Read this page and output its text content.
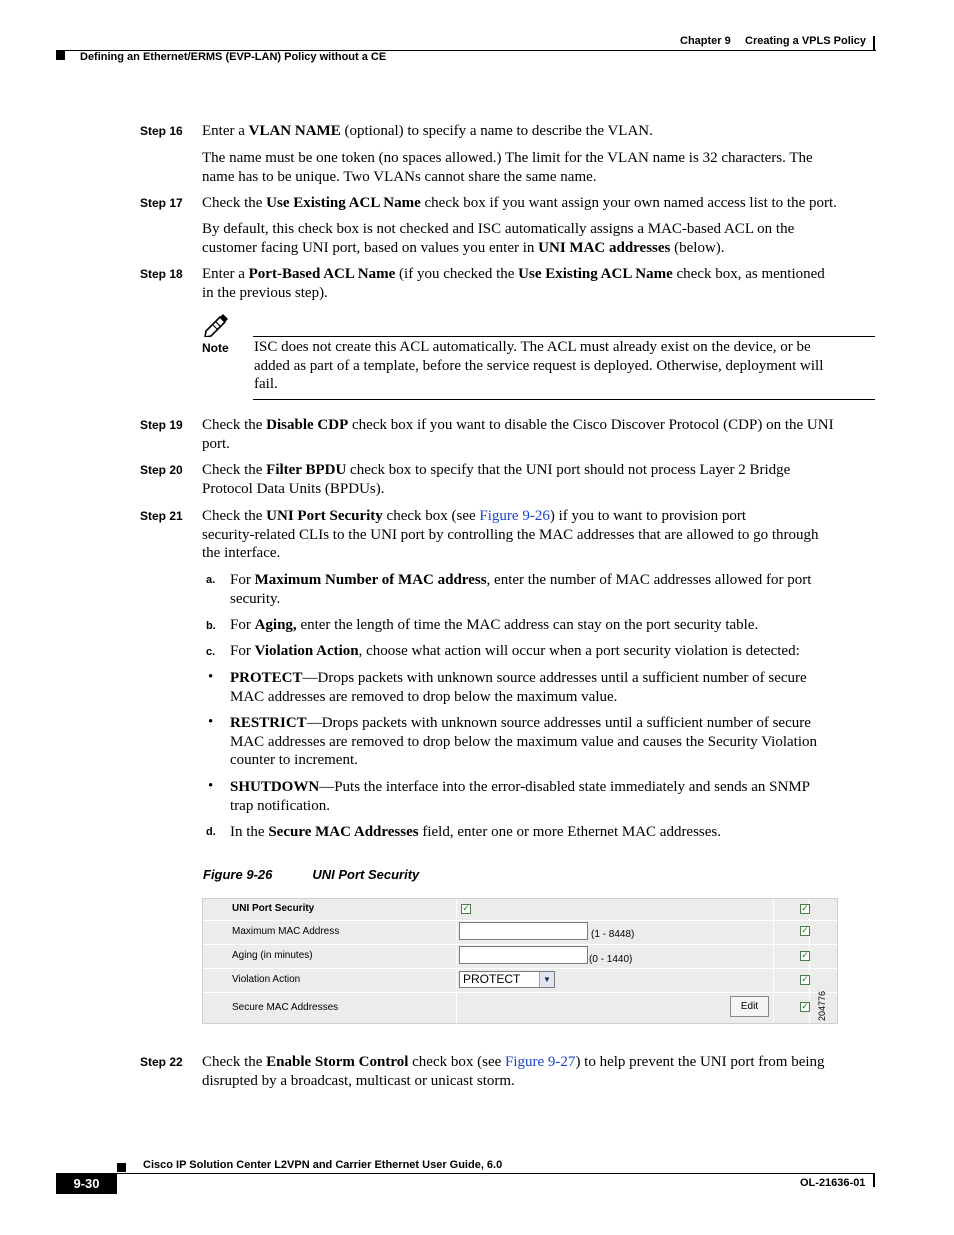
Chapter 9 Creating a VPLS Policy
Defining an Ethernet/ERMS (EVP-LAN) Policy without a CE
Step 16 Enter a VLAN NAME (optional) to specify a name to describe the VLAN.
The name must be one token (no spaces allowed.) The limit for the VLAN name is 32 characters. The
name has to be unique. Two VLANs cannot share the same name.
Step 17 Check the Use Existing ACL Name check box if you want assign your own named access list to the port.
By default, this check box is not checked and ISC automatically assigns a MAC-based ACL on the
customer facing UNI port, based on values you enter in UNI MAC addresses (below).
Step 18 Enter a Port-Based ACL Name (if you checked the Use Existing ACL Name check box, as mentioned
in the previous step).
Note ISC does not create this ACL automatically. The ACL must already exist on the device, or be
added as part of a template, before the service request is deployed. Otherwise, deployment will
fail.
Step 19 Check the Disable CDP check box if you want to disable the Cisco Discover Protocol (CDP) on the UNI
port.
Step 20 Check the Filter BPDU check box to specify that the UNI port should not process Layer 2 Bridge
Protocol Data Units (BPDUs).
Step 21 Check the UNI Port Security check box (see Figure 9-26) if you to want to provision port
security-related CLIs to the UNI port by controlling the MAC addresses that are allowed to go through
the interface.
a. For Maximum Number of MAC address, enter the number of MAC addresses allowed for port
security.
b. For Aging, enter the length of time the MAC address can stay on the port security table.
c. For Violation Action, choose what action will occur when a port security violation is detected:
• PROTECT—Drops packets with unknown source addresses until a sufficient number of secure
MAC addresses are removed to drop below the maximum value.
• RESTRICT—Drops packets with unknown source addresses until a sufficient number of secure
MAC addresses are removed to drop below the maximum value and causes the Security Violation
counter to increment.
• SHUTDOWN—Puts the interface into the error-disabled state immediately and sends an SNMP
trap notification.
d. In the Secure MAC Addresses field, enter one or more Ethernet MAC addresses.
Figure 9-26	UNI Port Security
UNI Port Security	✓	✓
Maximum MAC Address	(1 - 8448)	✓
Aging (in minutes)	(0 - 1440)	✓
Violation Action	PROTECT	▼	✓
Secure MAC Addresses	Edit	✓ 204776
Step 22 Check the Enable Storm Control check box (see Figure 9-27) to help prevent the UNI port from being
disrupted by a broadcast, multicast or unicast storm.
Cisco IP Solution Center L2VPN and Carrier Ethernet User Guide, 6.0
9-30	OL-21636-01
